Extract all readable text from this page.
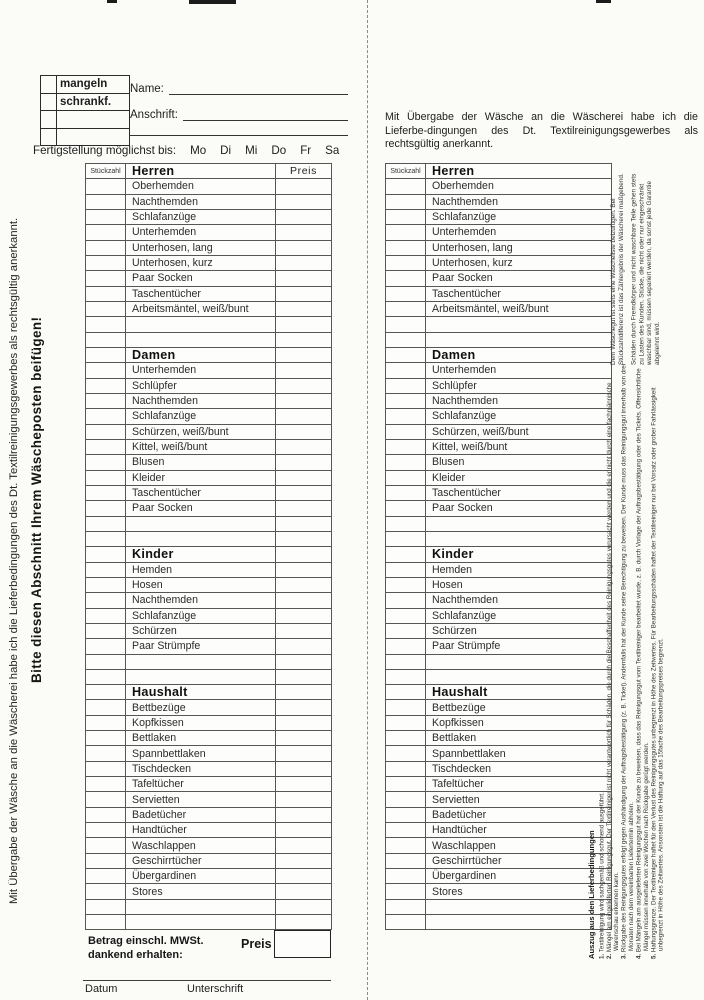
	mangeln
	schrankf.

Name:
Anschrift:
Fertigstellung möglichst bis: Mo Di Mi Do Fr Sa
Bitte diesen Abschnitt Ihrem Wäscheposten beifügen!
Mit Übergabe der Wäsche an die Wäscherei habe ich die Lieferbedingungen des Dt. Textilreinigungsgewerbes als rechtsgültig anerkannt.
Stückzahl	Herren	Preis
	Oberhemden	
	Nachthemden	
	Schlafanzüge	
	Unterhemden	
	Unterhosen, lang	
	Unterhosen, kurz	
	Paar Socken	
	Taschentücher	
	Arbeitsmäntel, weiß/bunt	

	Damen	
	Unterhemden	
	Schlüpfer	
	Nachthemden	
	Schlafanzüge	
	Schürzen, weiß/bunt	
	Kittel, weiß/bunt	
	Blusen	
	Kleider	
	Taschentücher	
	Paar Socken	

	Kinder	
	Hemden	
	Hosen	
	Nachthemden	
	Schlafanzüge	
	Schürzen	
	Paar Strümpfe	

	Haushalt	
	Bettbezüge	
	Kopfkissen	
	Bettlaken	
	Spannbettlaken	
	Tischdecken	
	Tafeltücher	
	Servietten	
	Badetücher	
	Handtücher	
	Waschlappen	
	Geschirrtücher	
	Übergardinen	
	Stores	

Betrag einschl. MWSt.
dankend erhalten:
Preis
Datum	Unterschrift
Mit Übergabe der Wäsche an die Wäscherei habe ich die Lieferbe-dingungen des Dt. Textilreinigungsgewerbes als rechtsgültig anerkannt.
Stückzahl	Herren
	Oberhemden
	Nachthemden
	Schlafanzüge
	Unterhemden
	Unterhosen, lang
	Unterhosen, kurz
	Paar Socken
	Taschentücher
	Arbeitsmäntel, weiß/bunt

	Damen
	Unterhemden
	Schlüpfer
	Nachthemden
	Schlafanzüge
	Schürzen, weiß/bunt
	Kittel, weiß/bunt
	Blusen
	Kleider
	Taschentücher
	Paar Socken

	Kinder
	Hemden
	Hosen
	Nachthemden
	Schlafanzüge
	Schürzen
	Paar Strümpfe

	Haushalt
	Bettbezüge
	Kopfkissen
	Bettlaken
	Spannbettlaken
	Tischdecken
	Tafeltücher
	Servietten
	Badetücher
	Handtücher
	Waschlappen
	Geschirrtücher
	Übergardinen
	Stores

Dem Wäschegut ist stets eine Wäscheliste beizufügen. Bei Stückzahldifferenz ist das Zählergebnis der Wäscherei maßgebend. Schäden durch Fremdkörper und nicht waschbare Teile gehen stets zu Lasten des Kunden. Stücke, die nicht oder nur eingeschränkt waschbar sind, müssen separiert werden, da sonst jede Garantie abgelehnt wird.

Auszug aus den Lieferbedingungen Textilreinigung wird sachgemäß und schonend ausgeführt. Mängel am eingelieferten Reinigungsgut. Der Textilreiniger ist nicht verantwortlich für Schäden, die durch die Beschaffenheit des Reinigungsgutes verursacht werden und die er nicht durch eine fachmännische Warenschau erkennen kann. Rückgabe des Reinigungsgutes erfolgt gegen Aushändigung der Auftragsbestätigung (z. B. Ticket). Andernfalls hat der Kunde seine Berechtigung zu beweisen. Der Kunde muss das Reinigungsgut innerhalb von drei Monaten nach dem vereinbarten Liefertermin abholen. Bei Mängeln am ausgelieferten Reinigungsgut hat der Kunde zu beweisen, dass das Reinigungsgut vom Textilreiniger bearbeitet wurde, z. B. durch Vorlage der Auftragsbestätigung oder des Tickets. Offensichtliche Mängel müssen innerhalb von zwei Wochen nach Rückgabe gerügt werden. Haftungsgrenze. Der Textilreiniger haftet für den Verlust des Reinigungsgutes unbegrenzt in Höhe des Zeitwertes. Für Bearbeitungsschäden haftet der Textilreiniger nur bei Vorsatz oder grober Fahrlässigkeit unbegrenzt in Höhe des Zeitwertes. Ansonsten ist die Haftung auf das 15fache des Bearbeitungspreises begrenzt.
